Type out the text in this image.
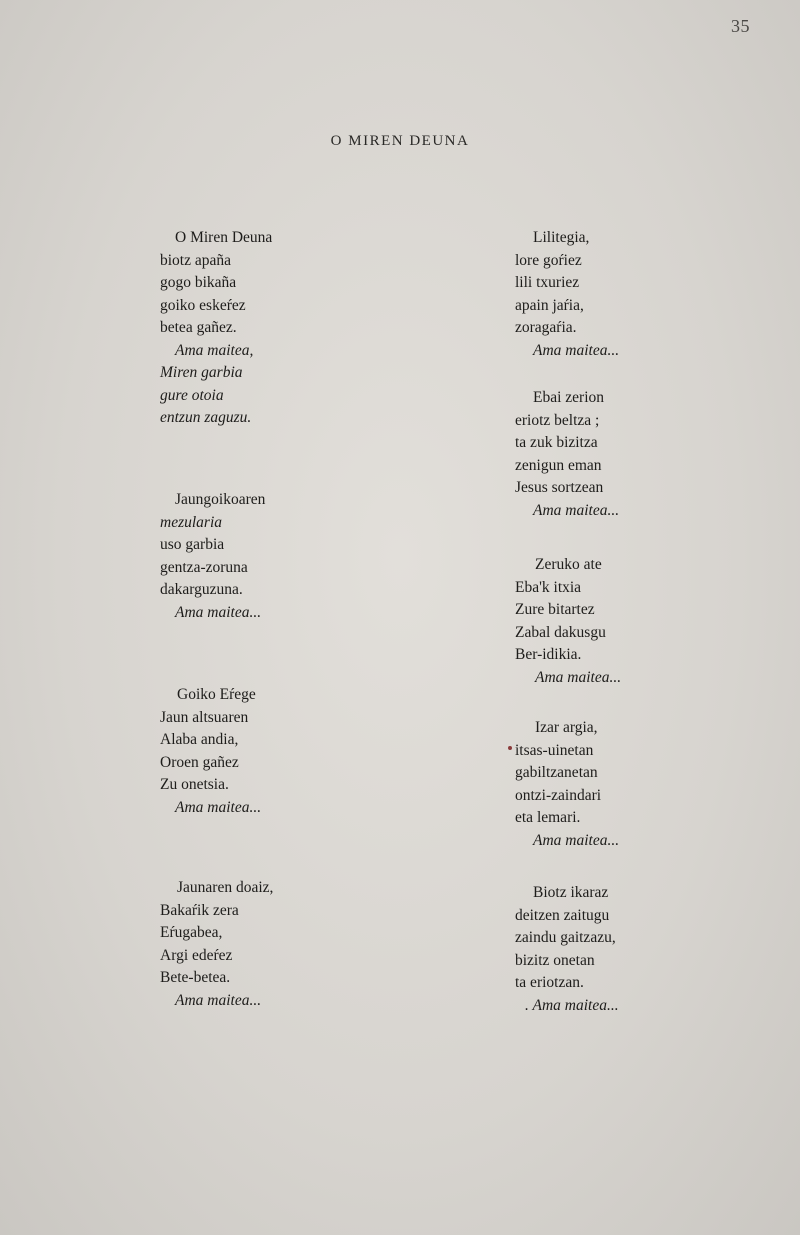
35
O MIREN DEUNA
O Miren Deuna
biotz apaña
gogo bikaña
goiko eskeŕez
betea gañez.
Ama maitea,
Miren garbia
gure otoia
entzun zaguzu.
Jaungoikoaren
mezularia
uso garbia
gentza-zoruna
dakarguzuna.
Ama maitea...
Goiko Eŕege
Jaun altsuaren
Alaba andia,
Oroen gañez
Zu onetsia.
Ama maitea...
Jaunaren doaiz,
Bakaŕik zera
Eŕugabea,
Argi edeŕez
Bete-betea.
Ama maitea...
Lilitegia,
lore goŕiez
lili txuriez
apain jaŕia,
zoragaŕia.
Ama maitea...
Ebai zerion
eriotz beltza ;
ta zuk bizitza
zenigun eman
Jesus sortzean
Ama maitea...
Zeruko ate
Eba'k itxia
Zure bitartez
Zabal dakusgu
Ber-idikia.
Ama maitea...
Izar argia,
itsas-uinetan
gabiltzanetan
ontzi-zaindari
eta lemari.
Ama maitea...
Biotz ikaraz
deitzen zaitugu
zaindu gaitzazu,
bizitz onetan
ta eriotzan.
. Ama maitea...
